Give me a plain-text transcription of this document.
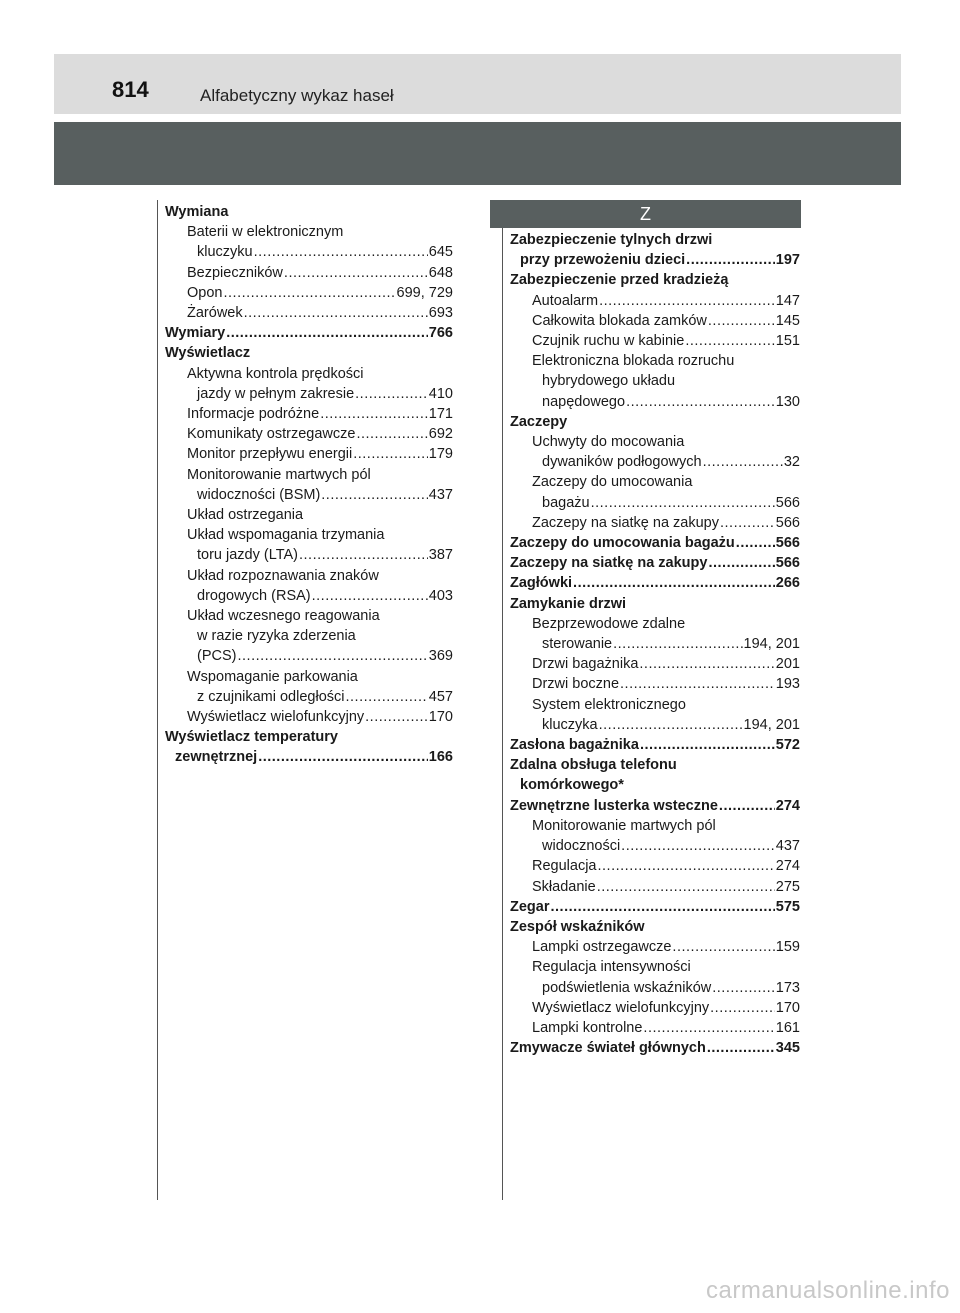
814	Alfabetyczny wykaz haseł
Wymiana
Baterii w elektronicznym
kluczyku .....	645
Bezpieczników .....	648
Opon .....	699, 729
Żarówek .....	693
Wymiary .....	766
Wyświetlacz
Aktywna kontrola prędkości
jazdy w pełnym zakresie .....	410
Informacje podróżne .....	171
Komunikaty ostrzegawcze .....	692
Monitor przepływu energii .....	179
Monitorowanie martwych pól
widoczności (BSM) .....	437
Układ ostrzegania
Układ wspomagania trzymania
toru jazdy (LTA) .....	387
Układ rozpoznawania znaków
drogowych (RSA) .....	403
Układ wczesnego reagowania
w razie ryzyka zderzenia
(PCS) .....	369
Wspomaganie parkowania
z czujnikami odległości .....	457
Wyświetlacz wielofunkcyjny .....	170
Wyświetlacz temperatury
zewnętrznej .....	166
Z
Zabezpieczenie tylnych drzwi
przy przewożeniu dzieci .....	197
Zabezpieczenie przed kradzieżą
Autoalarm .....	147
Całkowita blokada zamków .....	145
Czujnik ruchu w kabinie .....	151
Elektroniczna blokada rozruchu
hybrydowego układu
napędowego .....	130
Zaczepy
Uchwyty do mocowania
dywaników podłogowych .....	32
Zaczepy do umocowania
bagażu .....	566
Zaczepy na siatkę na zakupy .....	566
Zaczepy do umocowania bagażu .....	566
Zaczepy na siatkę na zakupy .....	566
Zagłówki .....	266
Zamykanie drzwi
Bezprzewodowe zdalne
sterowanie .....	194, 201
Drzwi bagażnika .....	201
Drzwi boczne .....	193
System elektronicznego
kluczyka .....	194, 201
Zasłona bagażnika .....	572
Zdalna obsługa telefonu
komórkowego*
Zewnętrzne lusterka wsteczne .....	274
Monitorowanie martwych pól
widoczności .....	437
Regulacja .....	274
Składanie .....	275
Zegar .....	575
Zespół wskaźników
Lampki ostrzegawcze .....	159
Regulacja intensywności
podświetlenia wskaźników .....	173
Wyświetlacz wielofunkcyjny .....	170
Lampki kontrolne .....	161
Zmywacze świateł głównych .....	345
carmanualsonline.info
